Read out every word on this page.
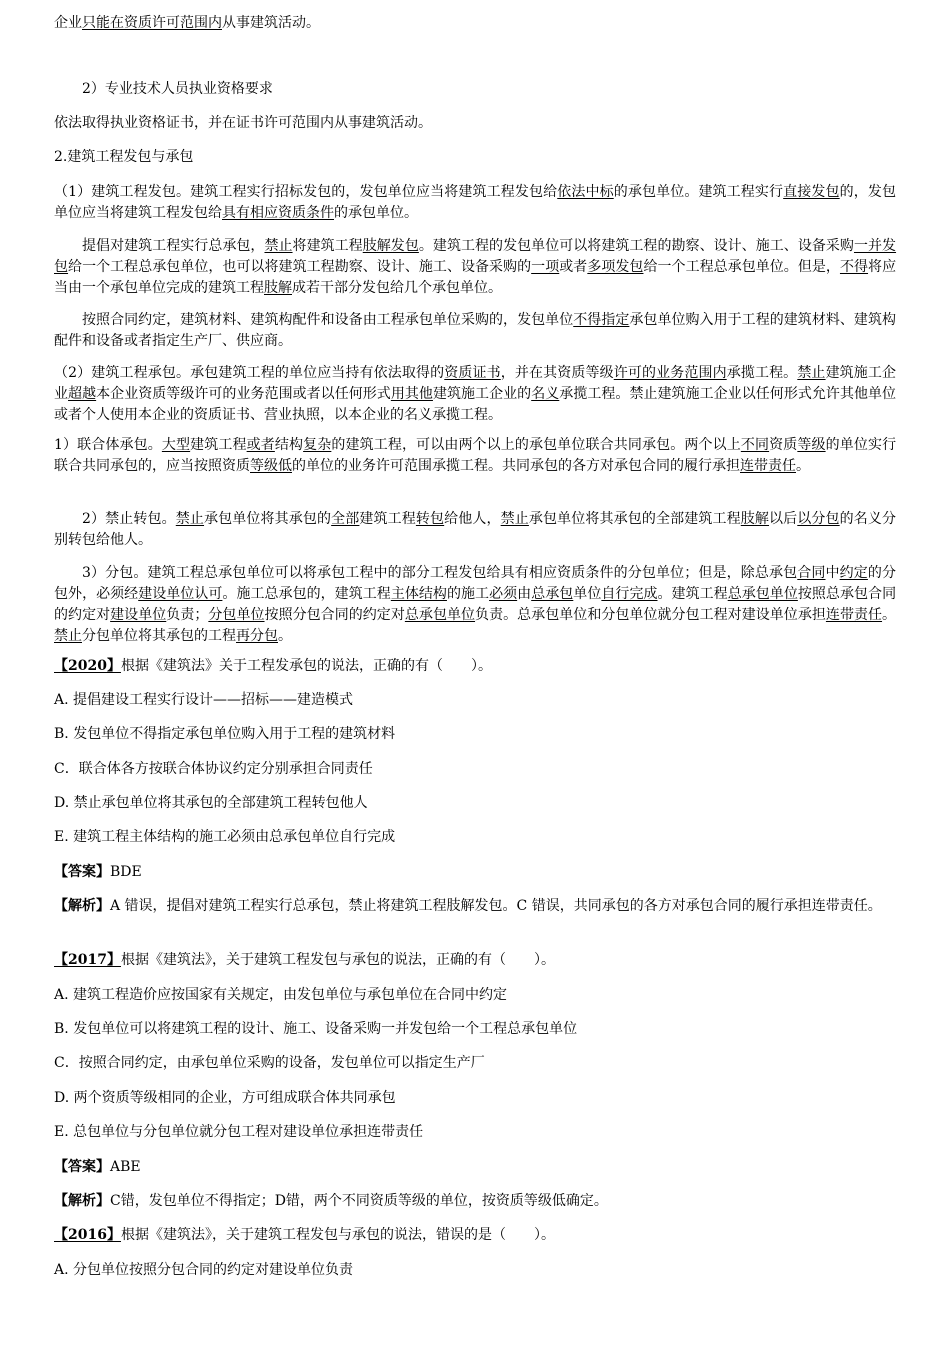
企业只能在资质许可范围内从事建筑活动。

2）专业技术人员执业资格要求

依法取得执业资格证书，并在证书许可范围内从事建筑活动。

2.建筑工程发包与承包

（1）建筑工程发包。建筑工程实行招标发包的，发包单位应当将建筑工程发包给依法中标的承包单位。建筑工程实行直接发包的，发包单位应当将建筑工程发包给具有相应资质条件的承包单位。

提倡对建筑工程实行总承包，禁止将建筑工程肢解发包。建筑工程的发包单位可以将建筑工程的勘察、设计、施工、设备采购一并发包给一个工程总承包单位，也可以将建筑工程勘察、设计、施工、设备采购的一项或者多项发包给一个工程总承包单位。但是，不得将应当由一个承包单位完成的建筑工程肢解成若干部分发包给几个承包单位。

按照合同约定，建筑材料、建筑构配件和设备由工程承包单位采购的，发包单位不得指定承包单位购入用于工程的建筑材料、建筑构配件和设备或者指定生产厂、供应商。

（2）建筑工程承包。承包建筑工程的单位应当持有依法取得的资质证书，并在其资质等级许可的业务范围内承揽工程。禁止建筑施工企业超越本企业资质等级许可的业务范围或者以任何形式用其他建筑施工企业的名义承揽工程。禁止建筑施工企业以任何形式允许其他单位或者个人使用本企业的资质证书、营业执照，以本企业的名义承揽工程。

1）联合体承包。大型建筑工程或者结构复杂的建筑工程，可以由两个以上的承包单位联合共同承包。两个以上不同资质等级的单位实行联合共同承包的，应当按照资质等级低的单位的业务许可范围承揽工程。共同承包的各方对承包合同的履行承担连带责任。

2）禁止转包。禁止承包单位将其承包的全部建筑工程转包给他人，禁止承包单位将其承包的全部建筑工程肢解以后以分包的名义分别转包给他人。

3）分包。建筑工程总承包单位可以将承包工程中的部分工程发包给具有相应资质条件的分包单位；但是，除总承包合同中约定的分包外，必须经建设单位认可。施工总承包的，建筑工程主体结构的施工必须由总承包单位自行完成。建筑工程总承包单位按照总承包合同的约定对建设单位负责；分包单位按照分包合同的约定对总承包单位负责。总承包单位和分包单位就分包工程对建设单位承担连带责任。禁止分包单位将其承包的工程再分包。

【2020】根据《建筑法》关于工程发承包的说法，正确的有（　　）。

A. 提倡建设工程实行设计——招标——建造模式

B. 发包单位不得指定承包单位购入用于工程的建筑材料

C．联合体各方按联合体协议约定分别承担合同责任

D. 禁止承包单位将其承包的全部建筑工程转包他人

E. 建筑工程主体结构的施工必须由总承包单位自行完成

【答案】BDE

【解析】A 错误，提倡对建筑工程实行总承包，禁止将建筑工程肢解发包。C 错误，共同承包的各方对承包合同的履行承担连带责任。

【2017】根据《建筑法》，关于建筑工程发包与承包的说法，正确的有（　　）。

A. 建筑工程造价应按国家有关规定，由发包单位与承包单位在合同中约定

B. 发包单位可以将建筑工程的设计、施工、设备采购一并发包给一个工程总承包单位

C．按照合同约定，由承包单位采购的设备，发包单位可以指定生产厂

D. 两个资质等级相同的企业，方可组成联合体共同承包

E. 总包单位与分包单位就分包工程对建设单位承担连带责任

【答案】ABE

【解析】C错，发包单位不得指定；D错，两个不同资质等级的单位，按资质等级低确定。

【2016】根据《建筑法》，关于建筑工程发包与承包的说法，错误的是（　　）。

A. 分包单位按照分包合同的约定对建设单位负责
